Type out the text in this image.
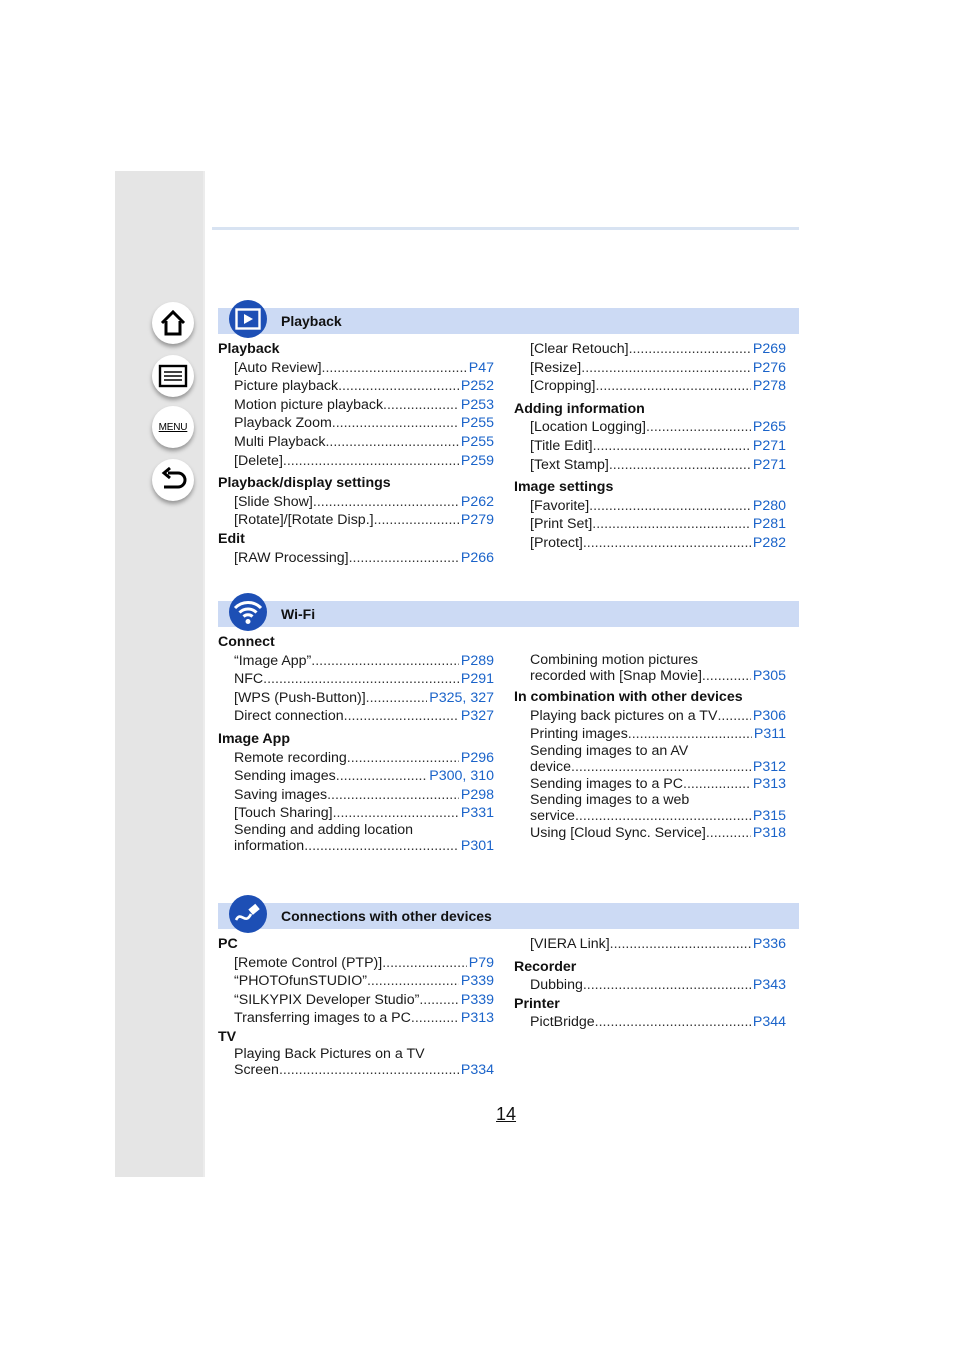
MENU
Playback
Playback
[Auto Review] .....	P47
Picture playback .....	P252
Motion picture playback .....	P253
Playback Zoom .....	P255
Multi Playback .....	P255
[Delete] .....	P259
Playback/display settings
[Slide Show] .....	P262
[Rotate]/[Rotate Disp.] .....	P279
Edit
[RAW Processing] .....	P266
[Clear Retouch] .....	P269
[Resize] .....	P276
[Cropping] .....	P278
Adding information
[Location Logging] .....	P265
[Title Edit] .....	P271
[Text Stamp] .....	P271
Image settings
[Favorite] .....	P280
[Print Set] .....	P281
[Protect] .....	P282
Wi-Fi
Connect
“Image App” .....	P289
NFC .....	P291
[WPS (Push-Button)] .....	P325, 327
Direct connection .....	P327
Image App
Remote recording .....	P296
Sending images .....	P300, 310
Saving images .....	P298
[Touch Sharing] .....	P331
Sending and adding location
information .....	P301
Combining motion pictures
recorded with [Snap Movie] .....	P305
In combination with other devices
Playing back pictures on a TV ..... P306
Printing images .....	P311
Sending images to an AV
device .....	P312
Sending images to a PC .....	P313
Sending images to a web
service .....	P315
Using [Cloud Sync. Service] .....	P318
Connections with other devices
PC
[Remote Control (PTP)] .....	P79
“PHOTOfunSTUDIO” .....	P339
“SILKYPIX Developer Studio” .....	P339
Transferring images to a PC .....	P313
TV
Playing Back Pictures on a TV
Screen .....	P334
[VIERA Link] .....	P336
Recorder
Dubbing .....	P343
Printer
PictBridge .....	P344
14
